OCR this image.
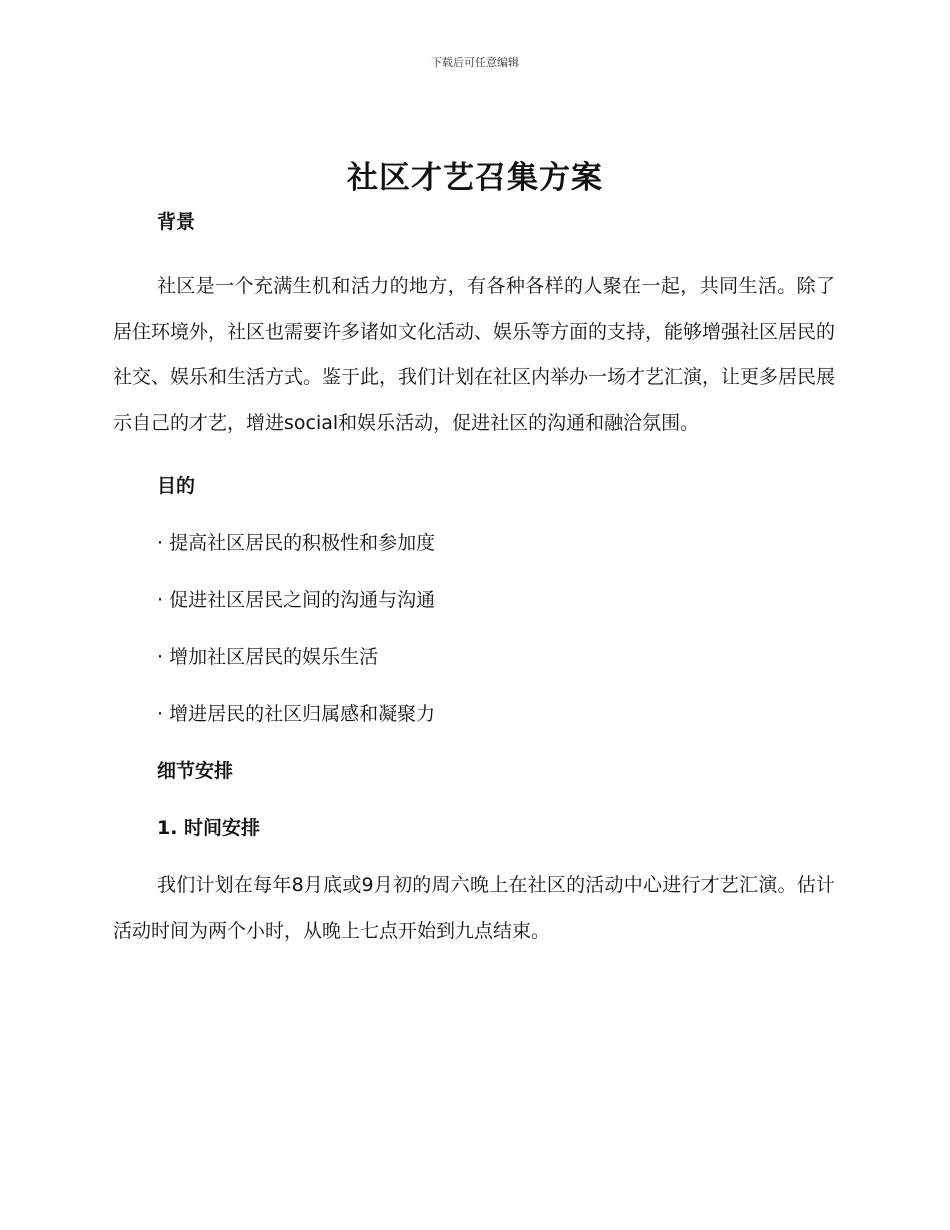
下载后可任意编辑
社区才艺召集方案
背景

社区是一个充满生机和活力的地方，有各种各样的人聚在一起，共同生活。除了居住环境外，社区也需要许多诸如文化活动、娱乐等方面的支持，能够增强社区居民的社交、娱乐和生活方式。鉴于此，我们计划在社区内举办一场才艺汇演，让更多居民展示自己的才艺，增进social和娱乐活动，促进社区的沟通和融洽氛围。

目的
· 提高社区居民的积极性和参加度
· 促进社区居民之间的沟通与沟通
· 增加社区居民的娱乐生活
· 增进居民的社区归属感和凝聚力
细节安排
1. 时间安排

我们计划在每年8月底或9月初的周六晚上在社区的活动中心进行才艺汇演。估计活动时间为两个小时，从晚上七点开始到九点结束。
